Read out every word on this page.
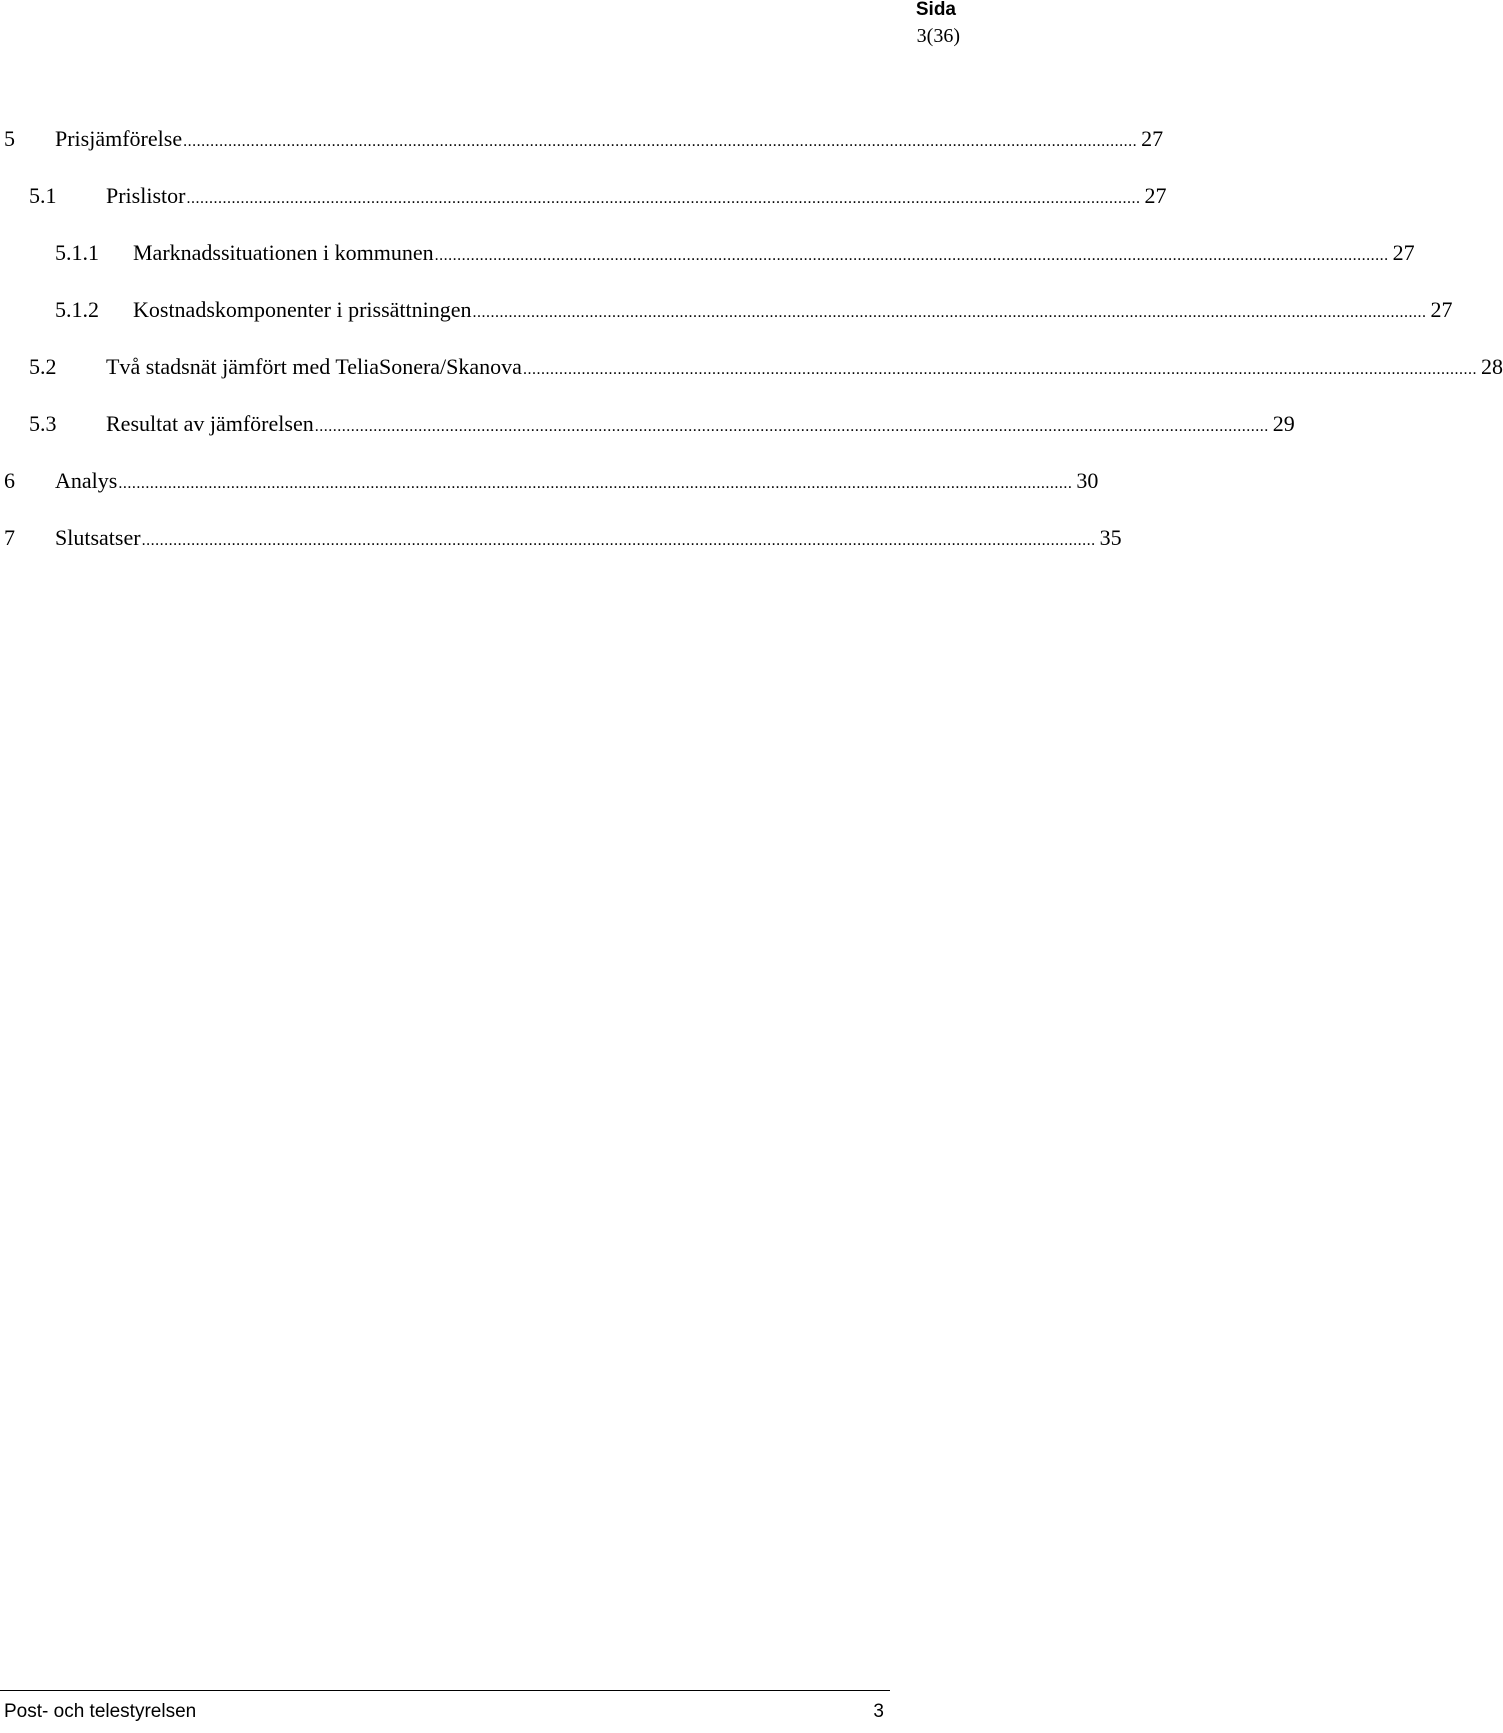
Sida
3(36)
5 Prisjämförelse .................................................................................................................................................................................................................... 27
5.1 Prislistor .................................................................................................................................................................................................................... 27
5.1.1 Marknadssituationen i kommunen .................................................................................................................................................................................................................... 27
5.1.2 Kostnadskomponenter i prissättningen .................................................................................................................................................................................................................... 27
5.2 Två stadsnät jämfört med TeliaSonera/Skanova .................................................................................................................................................................................................................... 28
5.3 Resultat av jämförelsen .................................................................................................................................................................................................................... 29
6 Analys .................................................................................................................................................................................................................... 30
7 Slutsatser .................................................................................................................................................................................................................... 35
Post- och telestyrelsen	3
